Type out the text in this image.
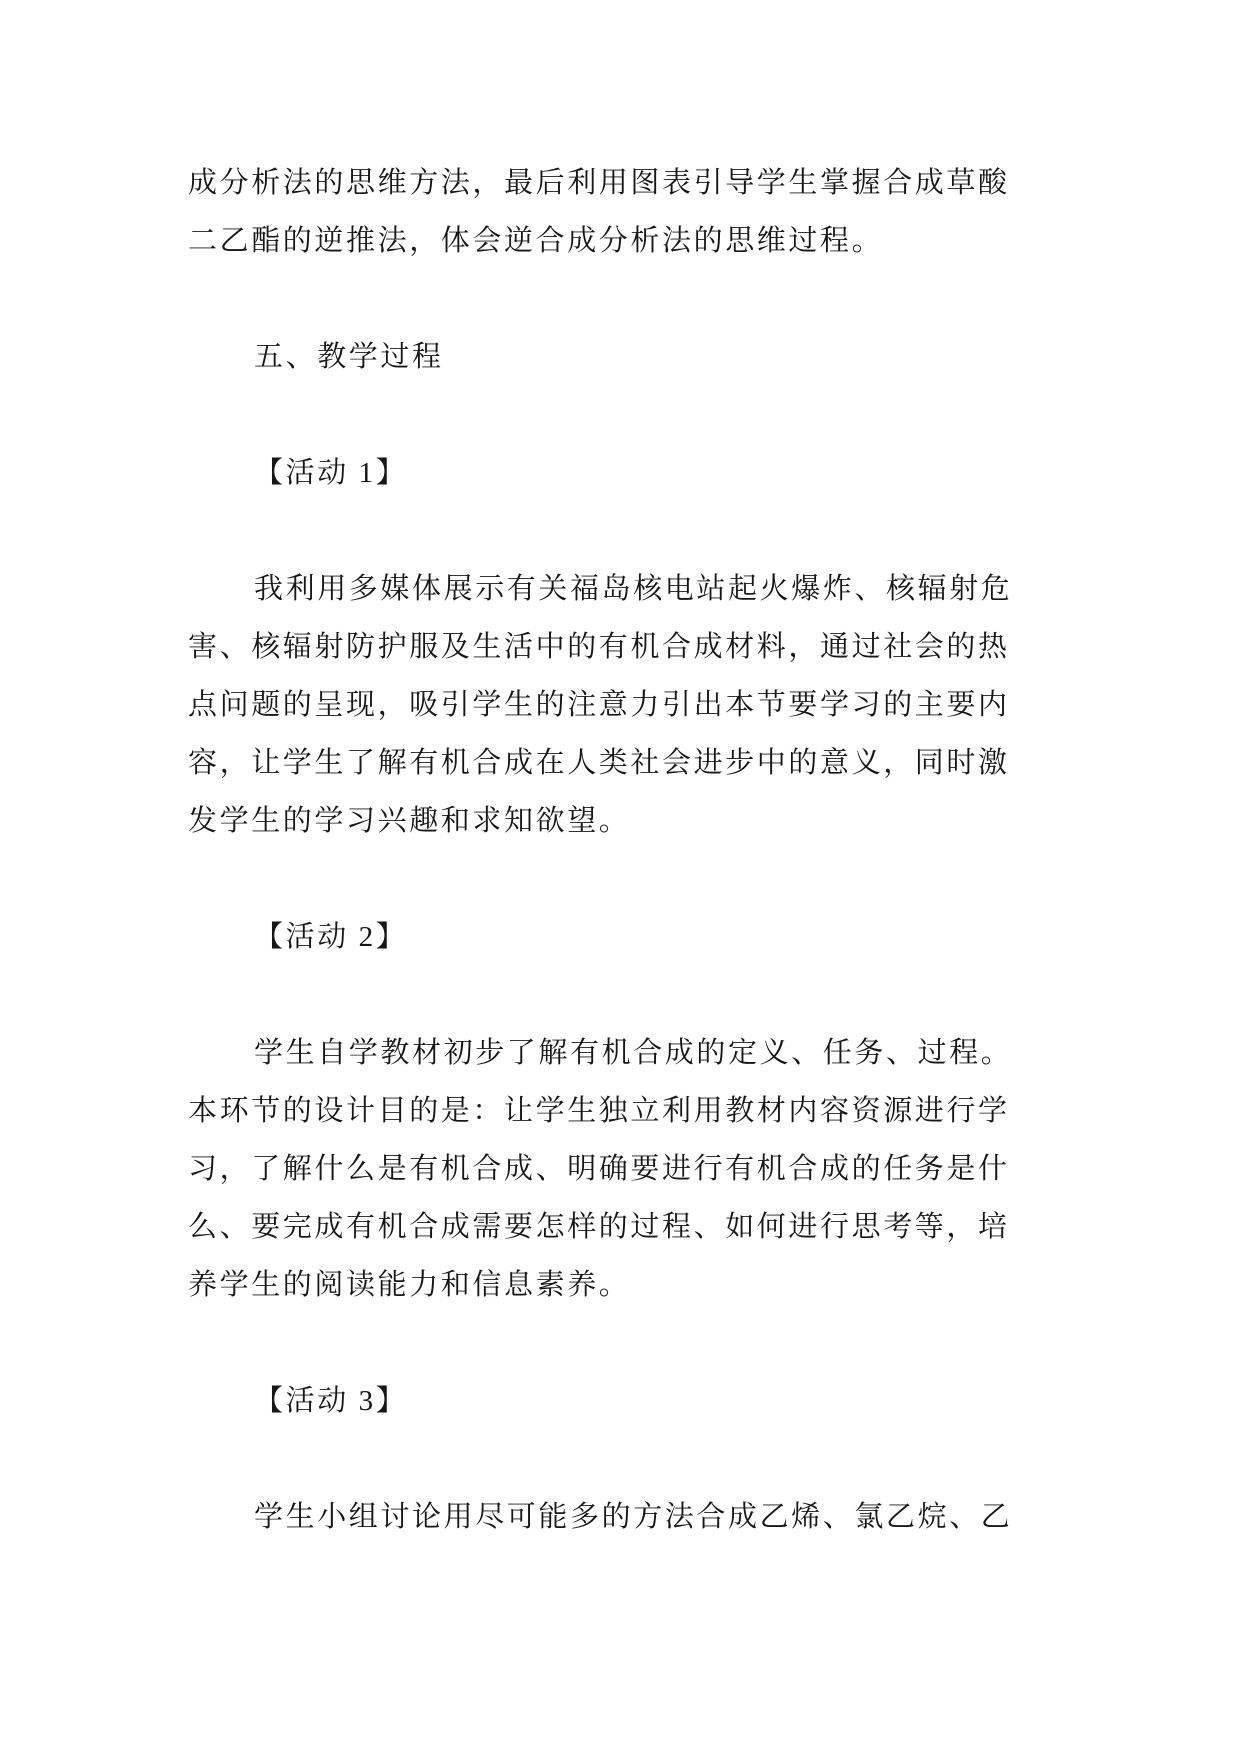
成分析法的思维方法，最后利用图表引导学生掌握合成草酸
二乙酯的逆推法，体会逆合成分析法的思维过程。
五、教学过程
【活动 1】
我利用多媒体展示有关福岛核电站起火爆炸、核辐射危
害、核辐射防护服及生活中的有机合成材料，通过社会的热
点问题的呈现，吸引学生的注意力引出本节要学习的主要内
容，让学生了解有机合成在人类社会进步中的意义，同时激
发学生的学习兴趣和求知欲望。
【活动 2】
学生自学教材初步了解有机合成的定义、任务、过程。
本环节的设计目的是：让学生独立利用教材内容资源进行学
习，了解什么是有机合成、明确要进行有机合成的任务是什
么、要完成有机合成需要怎样的过程、如何进行思考等，培
养学生的阅读能力和信息素养。
【活动 3】
学生小组讨论用尽可能多的方法合成乙烯、氯乙烷、乙
